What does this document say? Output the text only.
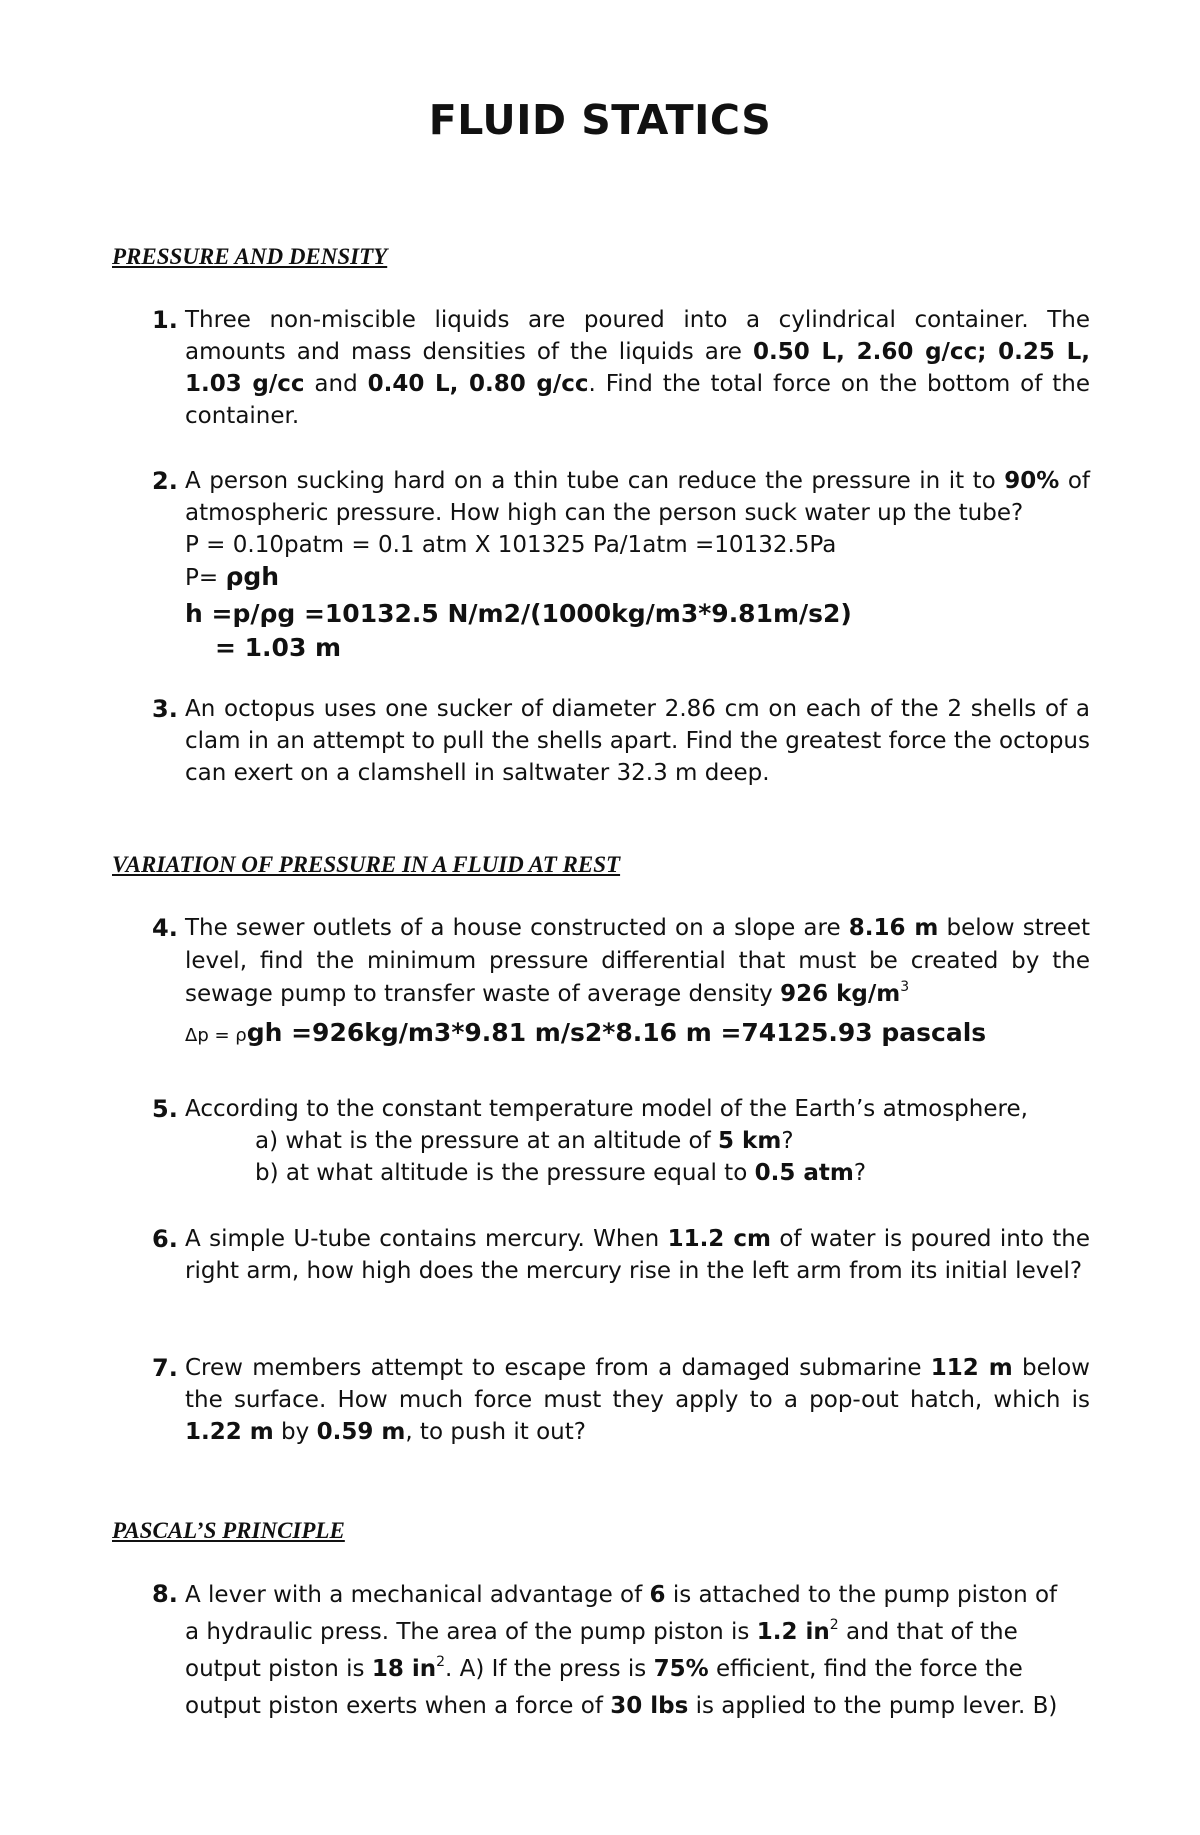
FLUID STATICS
PRESSURE AND DENSITY
1. Three non-miscible liquids are poured into a cylindrical container. The amounts and mass densities of the liquids are 0.50 L, 2.60 g/cc; 0.25 L, 1.03 g/cc and 0.40 L, 0.80 g/cc. Find the total force on the bottom of the container.
2. A person sucking hard on a thin tube can reduce the pressure in it to 90% of atmospheric pressure. How high can the person suck water up the tube?
P = 0.10patm = 0.1 atm X 101325 Pa/1atm =10132.5Pa
P= ρgh
h =p/ρg =10132.5 N/m2/(1000kg/m3*9.81m/s2)
= 1.03 m
3. An octopus uses one sucker of diameter 2.86 cm on each of the 2 shells of a clam in an attempt to pull the shells apart. Find the greatest force the octopus can exert on a clamshell in saltwater 32.3 m deep.
VARIATION OF PRESSURE IN A FLUID AT REST
4. The sewer outlets of a house constructed on a slope are 8.16 m below street level, find the minimum pressure differential that must be created by the sewage pump to transfer waste of average density 926 $kg/m^3$
Δp = ρgh =926kg/m3*9.81 m/s2*8.16 m =74125.93 pascals
5. According to the constant temperature model of the Earth’s atmosphere,
a) what is the pressure at an altitude of 5 km?
b) at what altitude is the pressure equal to 0.5 atm?
6. A simple U-tube contains mercury. When 11.2 cm of water is poured into the right arm, how high does the mercury rise in the left arm from its initial level?
7. Crew members attempt to escape from a damaged submarine 112 m below the surface. How much force must they apply to a pop-out hatch, which is 1.22 m by 0.59 m, to push it out?
PASCAL’S PRINCIPLE
8. A lever with a mechanical advantage of 6 is attached to the pump piston of
a hydraulic press. The area of the pump piston is 1.2 $in^2$ and that of the
output piston is 18 $in^2$. A) If the press is 75% efficient, find the force the
output piston exerts when a force of 30 lbs is applied to the pump lever. B)
